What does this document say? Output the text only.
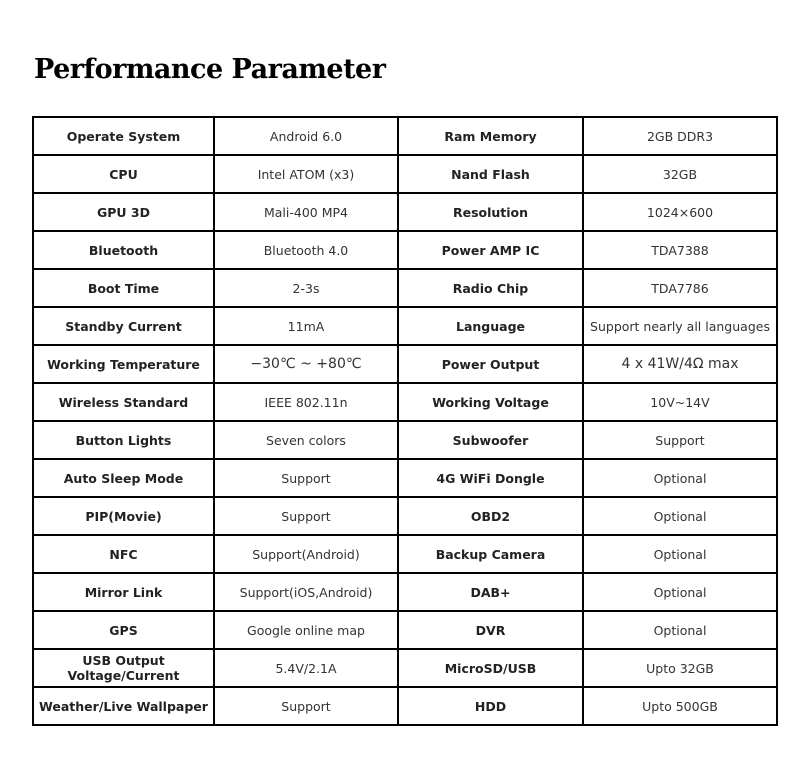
Performance Parameter
Operate System	Android 6.0	Ram Memory	2GB DDR3
CPU	Intel ATOM (x3)	Nand Flash	32GB
GPU 3D	Mali-400 MP4	Resolution	1024×600
Bluetooth	Bluetooth 4.0	Power AMP IC	TDA7388
Boot Time	2-3s	Radio Chip	TDA7786
Standby Current	11mA	Language	Support nearly all languages
Working Temperature	−30℃ ~ +80℃	Power Output	4 x 41W/4Ω max
Wireless Standard	IEEE 802.11n	Working Voltage	10V~14V
Button Lights	Seven colors	Subwoofer	Support
Auto Sleep Mode	Support	4G WiFi Dongle	Optional
PIP(Movie)	Support	OBD2	Optional
NFC	Support(Android)	Backup Camera	Optional
Mirror Link	Support(iOS,Android)	DAB+	Optional
GPS	Google online map	DVR	Optional
USB Output Voltage/Current	5.4V/2.1A	MicroSD/USB	Upto 32GB
Weather/Live Wallpaper	Support	HDD	Upto 500GB
